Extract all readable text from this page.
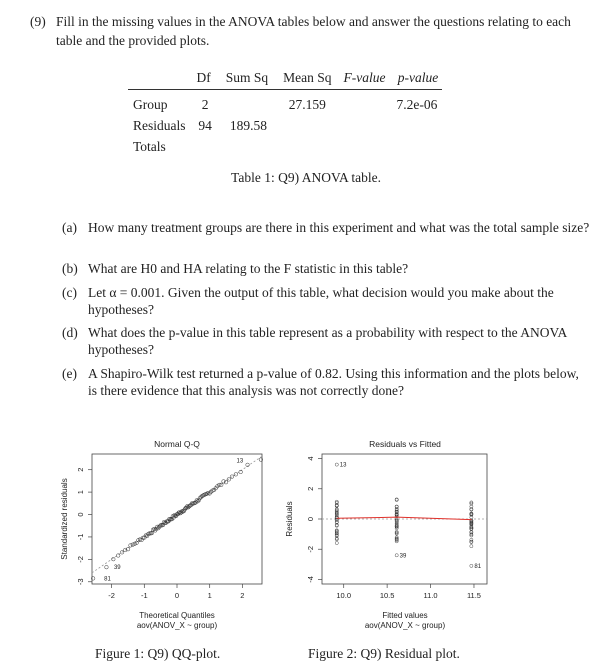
(9) Fill in the missing values in the ANOVA tables below and answer the questions relating to each table and the provided plots.
	Df	Sum Sq	Mean Sq	F-value	p-value
Group	2		27.159		7.2e-06
Residuals	94	189.58			
Totals					
Table 1: Q9) ANOVA table.
(a) How many treatment groups are there in this experiment and what was the total sample size?
(b) What are H0 and HA relating to the F statistic in this table?
(c) Let α = 0.001. Given the output of this table, what decision would you make about the hypotheses?
(d) What does the p-value in this table represent as a probability with respect to the ANOVA hypotheses?
(e) A Shapiro-Wilk test returned a p-value of 0.82. Using this information and the plots below, is there evidence that this analysis was not correctly done?
Normal Q-Q
-2	-1	0	1	2
-3
-2
-1
0
1
2
13
39
81
Standardized residuals
Theoretical Quantiles
aov(ANOV_X ~ group)
Figure 1: Q9) QQ-plot.
Residuals vs Fitted
10.0	10.5	11.0	11.5
-4
-2
0
2
4
13
39
81
Residuals
Fitted values
aov(ANOV_X ~ group)
Figure 2: Q9) Residual plot.
